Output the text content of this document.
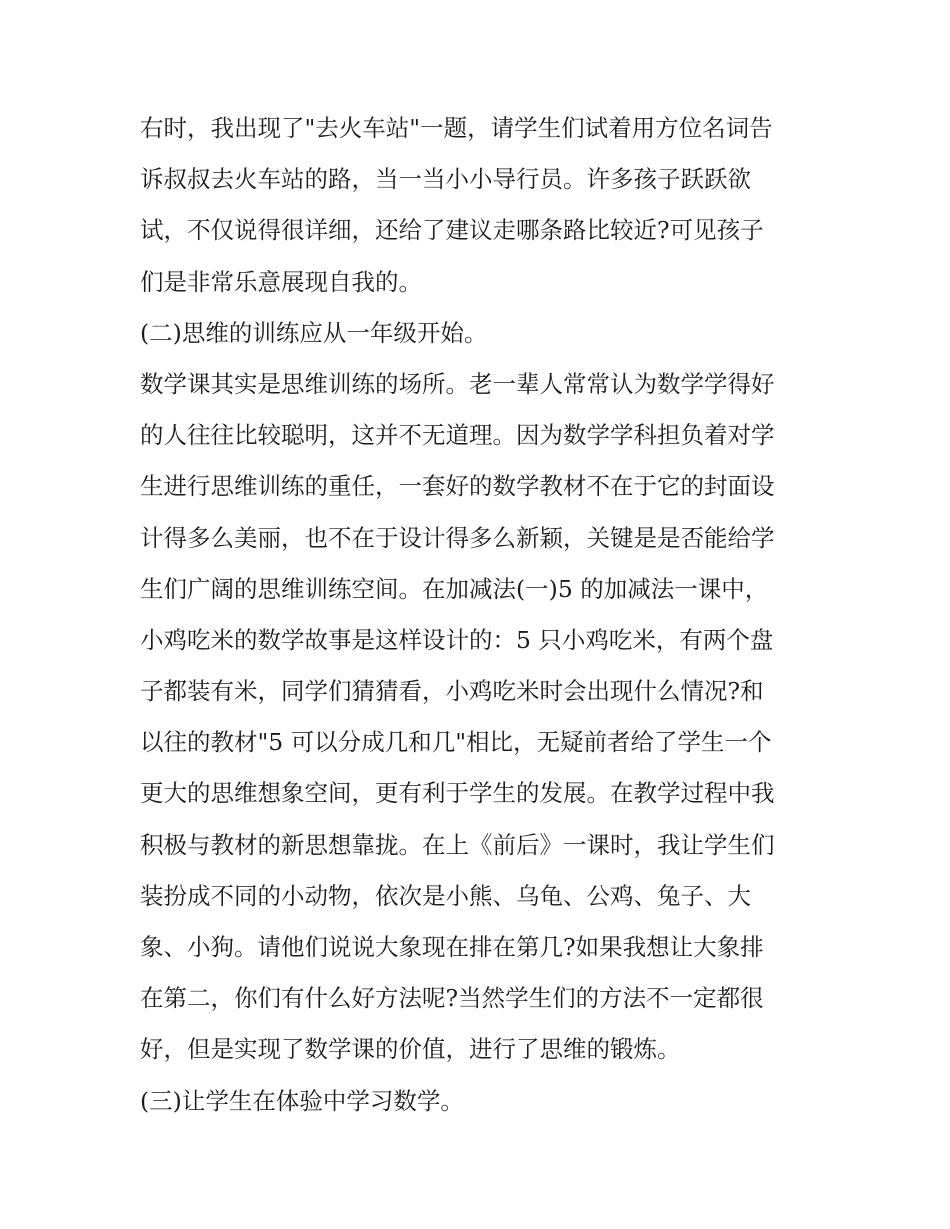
右时，我出现了"去火车站"一题，请学生们试着用方位名词告
诉叔叔去火车站的路，当一当小小导行员。许多孩子跃跃欲
试，不仅说得很详细，还给了建议走哪条路比较近?可见孩子
们是非常乐意展现自我的。
(二)思维的训练应从一年级开始。
数学课其实是思维训练的场所。老一辈人常常认为数学学得好
的人往往比较聪明，这并不无道理。因为数学学科担负着对学
生进行思维训练的重任，一套好的数学教材不在于它的封面设
计得多么美丽，也不在于设计得多么新颖，关键是是否能给学
生们广阔的思维训练空间。在加减法(一)5 的加减法一课中，
小鸡吃米的数学故事是这样设计的：5 只小鸡吃米，有两个盘
子都装有米，同学们猜猜看，小鸡吃米时会出现什么情况?和
以往的教材"5 可以分成几和几"相比，无疑前者给了学生一个
更大的思维想象空间，更有利于学生的发展。在教学过程中我
积极与教材的新思想靠拢。在上《前后》一课时，我让学生们
装扮成不同的小动物，依次是小熊、乌龟、公鸡、兔子、大
象、小狗。请他们说说大象现在排在第几?如果我想让大象排
在第二，你们有什么好方法呢?当然学生们的方法不一定都很
好，但是实现了数学课的价值，进行了思维的锻炼。
(三)让学生在体验中学习数学。
